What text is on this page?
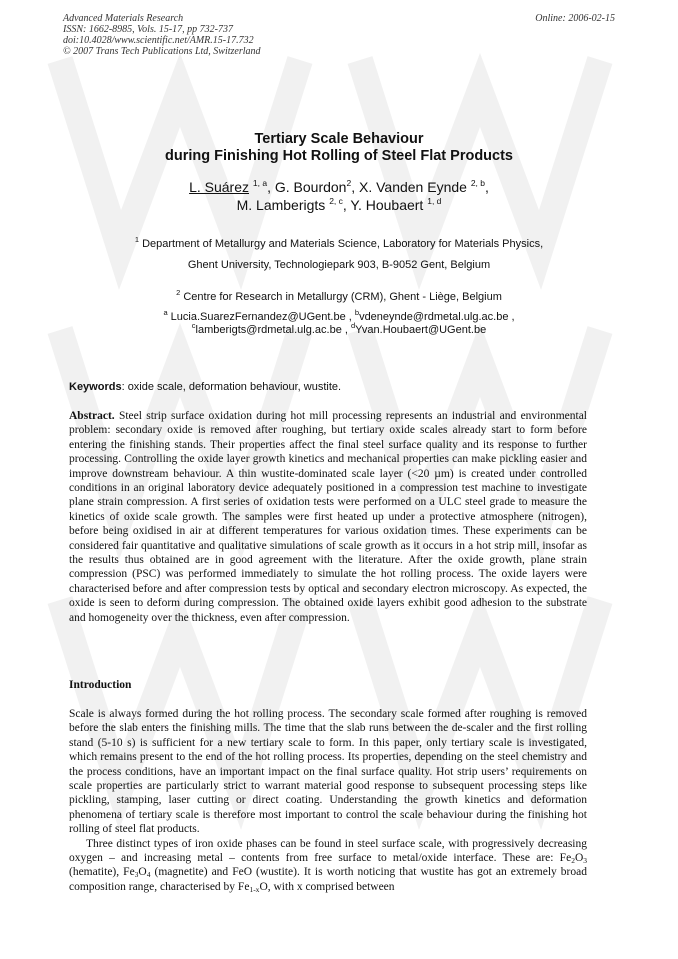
Advanced Materials Research
ISSN: 1662-8985, Vols. 15-17, pp 732-737
doi:10.4028/www.scientific.net/AMR.15-17.732
© 2007 Trans Tech Publications Ltd, Switzerland
Online: 2006-02-15
Tertiary Scale Behaviour
during Finishing Hot Rolling of Steel Flat Products
L. Suárez $^{1, a}$, G. Bourdon$^2$, X. Vanden Eynde $^{2, b}$,
M. Lamberigts $^{2, c}$, Y. Houbaert $^{1, d}$
$^1$ Department of Metallurgy and Materials Science, Laboratory for Materials Physics,
Ghent University, Technologiepark 903, B-9052 Gent, Belgium
$^2$ Centre for Research in Metallurgy (CRM), Ghent - Liège, Belgium
$^a$ Lucia.SuarezFernandez@UGent.be , $^b$vdeneynde@rdmetal.ulg.ac.be ,
$^c$lamberigts@rdmetal.ulg.ac.be , $^d$Yvan.Houbaert@UGent.be
Keywords: oxide scale, deformation behaviour, wustite.
Abstract. Steel strip surface oxidation during hot mill processing represents an industrial and environmental problem: secondary oxide is removed after roughing, but tertiary oxide scales already start to form before entering the finishing stands. Their properties affect the final steel surface quality and its response to further processing. Controlling the oxide layer growth kinetics and mechanical properties can make pickling easier and improve downstream behaviour. A thin wustite-dominated scale layer (<20 µm) is created under controlled conditions in an original laboratory device adequately positioned in a compression test machine to investigate plane strain compression. A first series of oxidation tests were performed on a ULC steel grade to measure the kinetics of oxide scale growth. The samples were first heated up under a protective atmosphere (nitrogen), before being oxidised in air at different temperatures for various oxidation times. These experiments can be considered fair quantitative and qualitative simulations of scale growth as it occurs in a hot strip mill, insofar as the results thus obtained are in good agreement with the literature. After the oxide growth, plane strain compression (PSC) was performed immediately to simulate the hot rolling process. The oxide layers were characterised before and after compression tests by optical and secondary electron microscopy. As expected, the oxide is seen to deform during compression. The obtained oxide layers exhibit good adhesion to the substrate and homogeneity over the thickness, even after compression.
Introduction
Scale is always formed during the hot rolling process. The secondary scale formed after roughing is removed before the slab enters the finishing mills. The time that the slab runs between the de-scaler and the first rolling stand (5-10 s) is sufficient for a new tertiary scale to form. In this paper, only tertiary scale is investigated, which remains present to the end of the hot rolling process. Its properties, depending on the steel chemistry and the process conditions, have an important impact on the final surface quality. Hot strip users’ requirements on scale properties are particularly strict to warrant material good response to subsequent processing steps like pickling, stamping, laser cutting or direct coating. Understanding the growth kinetics and deformation phenomena of tertiary scale is therefore most important to control the scale behaviour during the finishing hot rolling of steel flat products.
Three distinct types of iron oxide phases can be found in steel surface scale, with progressively decreasing oxygen – and increasing metal – contents from free surface to metal/oxide interface. These are: $Fe_2O_3$ (hematite), $Fe_3O_4$ (magnetite) and FeO (wustite). It is worth noticing that wustite has got an extremely broad composition range, characterised by $Fe_{1-x}O$, with x comprised between
